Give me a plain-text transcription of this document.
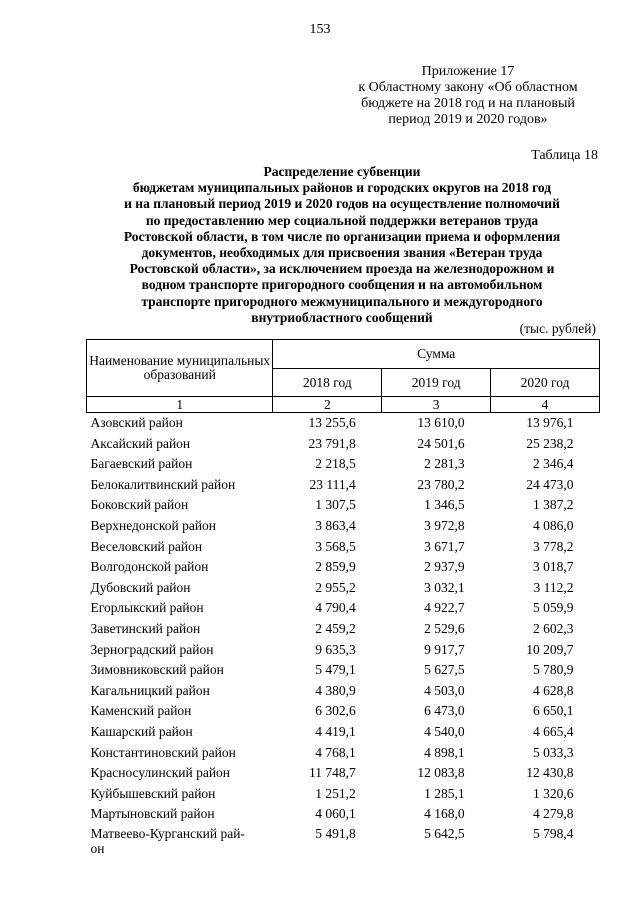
153
Приложение 17
к Областному закону «Об областном
бюджете на 2018 год и на плановый
период 2019 и 2020 годов»
Таблица 18
Распределение субвенции
бюджетам муниципальных районов и городских округов на 2018 год
и на плановый период 2019 и 2020 годов на осуществление полномочий
по предоставлению мер социальной поддержки ветеранов труда
Ростовской области, в том числе по организации приема и оформления
документов, необходимых для присвоения звания «Ветеран труда
Ростовской области», за исключением проезда на железнодорожном и
водном транспорте пригородного сообщения и на автомобильном
транспорте пригородного межмуниципального и междугородного
внутриобластного сообщений
(тыс. рублей)
Наименование муниципальных образований	Сумма		
	2018 год	2019 год	2020 год
1	2	3	4
Азовский район	13 255,6	13 610,0	13 976,1
Аксайский район	23 791,8	24 501,6	25 238,2
Багаевский район	2 218,5	2 281,3	2 346,4
Белокалитвинский район	23 111,4	23 780,2	24 473,0
Боковский район	1 307,5	1 346,5	1 387,2
Верхнедонской район	3 863,4	3 972,8	4 086,0
Веселовский район	3 568,5	3 671,7	3 778,2
Волгодонской район	2 859,9	2 937,9	3 018,7
Дубовский район	2 955,2	3 032,1	3 112,2
Егорлыкский район	4 790,4	4 922,7	5 059,9
Заветинский район	2 459,2	2 529,6	2 602,3
Зерноградский район	9 635,3	9 917,7	10 209,7
Зимовниковский район	5 479,1	5 627,5	5 780,9
Кагальницкий район	4 380,9	4 503,0	4 628,8
Каменский район	6 302,6	6 473,0	6 650,1
Кашарский район	4 419,1	4 540,0	4 665,4
Константиновский район	4 768,1	4 898,1	5 033,3
Красносулинский район	11 748,7	12 083,8	12 430,8
Куйбышевский район	1 251,2	1 285,1	1 320,6
Мартыновский район	4 060,1	4 168,0	4 279,8
Матвеево-Курганский рай-
он	5 491,8	5 642,5	5 798,4
